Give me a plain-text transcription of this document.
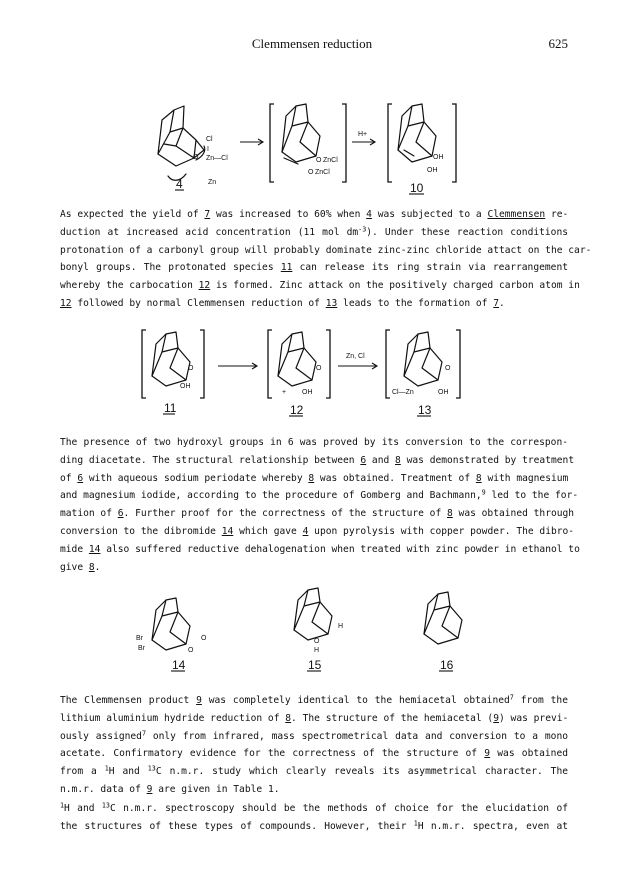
Clemmensen reduction	625
Cl
I
Zn—Cl
O
Zn
4
O ZnCl
O ZnCl
H+
OH
OH
10
O
OH
11
O
+ OH
12
Zn, Cl
O
OH
Cl—Zn
13
Br
Br
O
O
14
H
O
H
15	16
As expected the yield of 7 was increased to 60% when 4 was subjected to a Clemmensen re-
duction at increased acid concentration (11 mol $dm^{-3}$). Under these reaction conditions
protonation of a carbonyl group will probably dominate zinc-zinc chloride attact on the car-
bonyl groups. The protonated species 11 can release its ring strain via rearrangement
whereby the carbocation 12 is formed. Zinc attack on the positively charged carbon atom in
12 followed by normal Clemmensen reduction of 13 leads to the formation of 7.
The presence of two hydroxyl groups in 6 was proved by its conversion to the correspon-
ding diacetate. The structural relationship between 6 and 8 was demonstrated by treatment
of 6 with aqueous sodium periodate whereby 8 was obtained. Treatment of 8 with magnesium
and magnesium iodide, according to the procedure of Gomberg and Bachmann,$^9$ led to the for-
mation of 6. Further proof for the correctness of the structure of 8 was obtained through
conversion to the dibromide 14 which gave 4 upon pyrolysis with copper powder. The dibro-
mide 14 also suffered reductive dehalogenation when treated with zinc powder in ethanol to
give 8.
The Clemmensen product 9 was completely identical to the hemiacetal obtained$^7$ from the
lithium aluminium hydride reduction of 8. The structure of the hemiacetal (9) was previ-
ously assigned$^7$ only from infrared, mass spectrometrical data and conversion to a mono
acetate. Confirmatory evidence for the correctness of the structure of 9 was obtained
from a $^1$H and $^{13}$C n.m.r. study which clearly reveals its asymmetrical character. The
n.m.r. data of 9 are given in Table 1.
$^1$H and $^{13}$C n.m.r. spectroscopy should be the methods of choice for the elucidation of
the structures of these types of compounds. However, their $^1$H n.m.r. spectra, even at
